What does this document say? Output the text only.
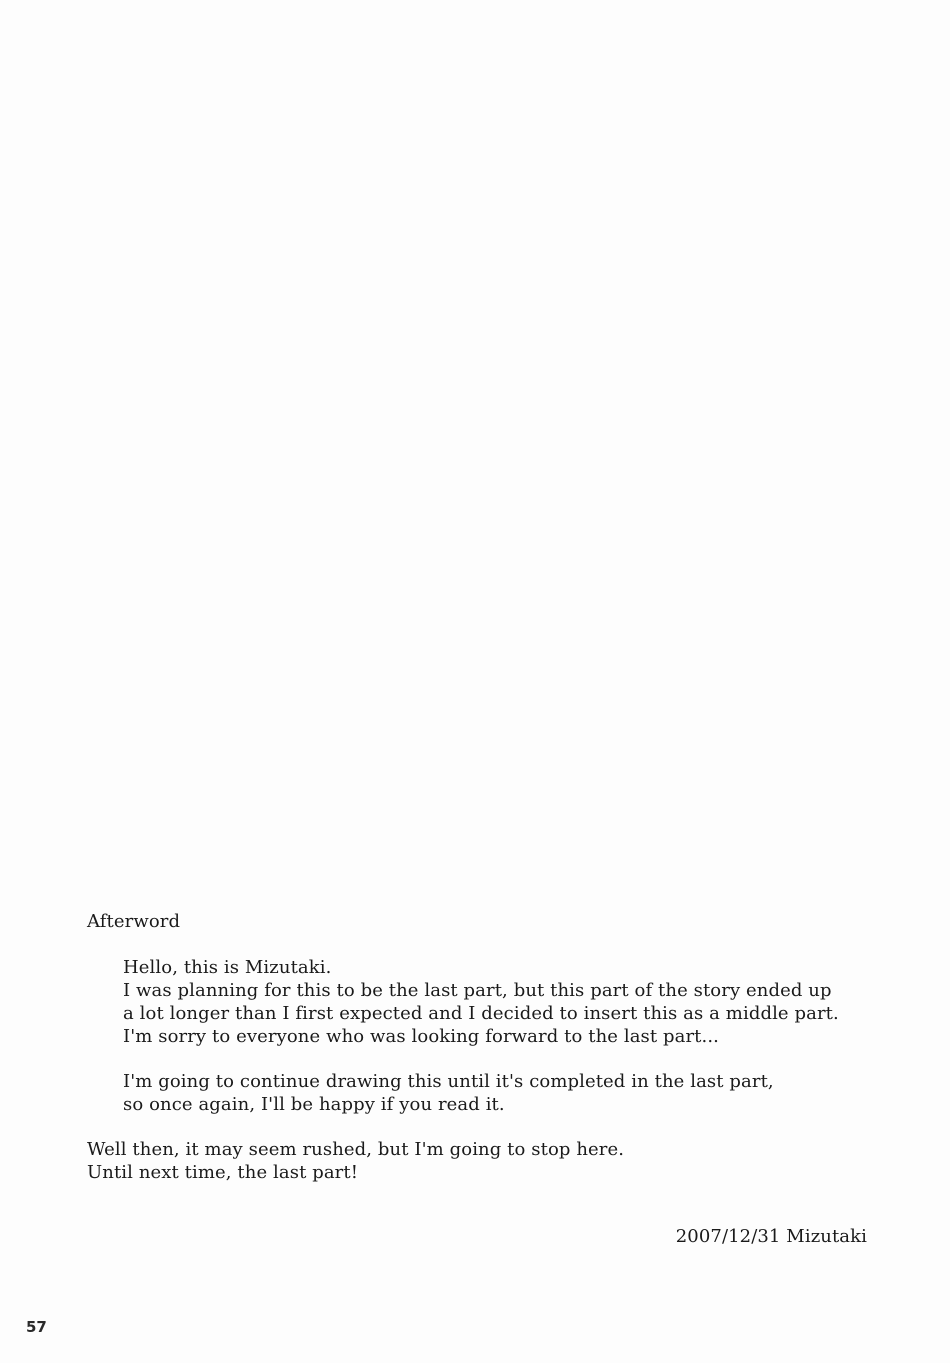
Afterword
Hello, this is Mizutaki.
I was planning for this to be the last part, but this part of the story ended up
a lot longer than I first expected and I decided to insert this as a middle part.
I'm sorry to everyone who was looking forward to the last part...
I'm going to continue drawing this until it's completed in the last part,
so once again, I'll be happy if you read it.
Well then, it may seem rushed, but I'm going to stop here.
Until next time, the last part!
2007/12/31 Mizutaki
57
